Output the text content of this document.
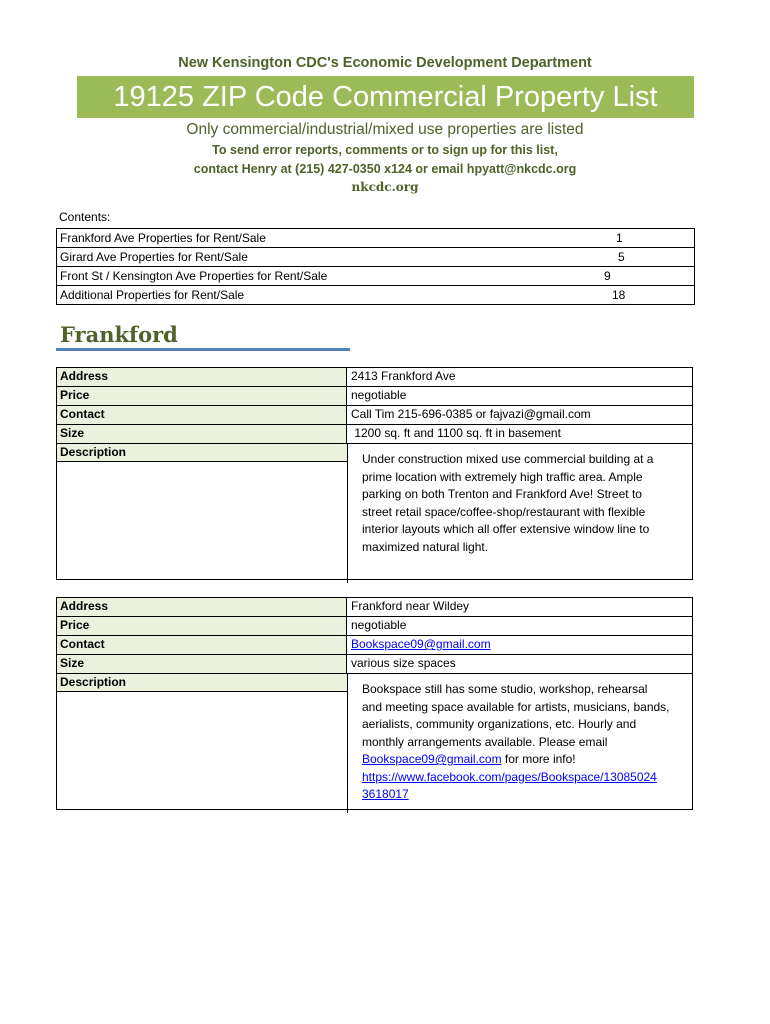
New Kensington CDC's Economic Development Department
19125 ZIP Code Commercial Property List
Only commercial/industrial/mixed use properties are listed
To send error reports, comments or to sign up for this list,
contact Henry at (215) 427-0350 x124 or email hpyatt@nkcdc.org
nkcdc.org
Contents:
Frankford Ave Properties for Rent/Sale	1
Girard Ave Properties for Rent/Sale	5
Front St / Kensington Ave Properties for Rent/Sale	9
Additional Properties for Rent/Sale	18
Frankford
Address	2413 Frankford Ave
Price	negotiable
Contact	Call Tim 215-696-0385 or fajvazi@gmail.com
Size	1200 sq. ft and 1100 sq. ft in basement
Description	Under construction mixed use commercial building at a
prime location with extremely high traffic area. Ample
parking on both Trenton and Frankford Ave! Street to
street retail space/coffee-shop/restaurant with flexible
interior layouts which all offer extensive window line to
maximized natural light.
Address	Frankford near Wildey
Price	negotiable
Contact	Bookspace09@gmail.com
Size	various size spaces
Description	Bookspace still has some studio, workshop, rehearsal
and meeting space available for artists, musicians, bands,
aerialists, community organizations, etc. Hourly and
monthly arrangements available. Please email
Bookspace09@gmail.com for more info!
https://www.facebook.com/pages/Bookspace/13085024
3618017
